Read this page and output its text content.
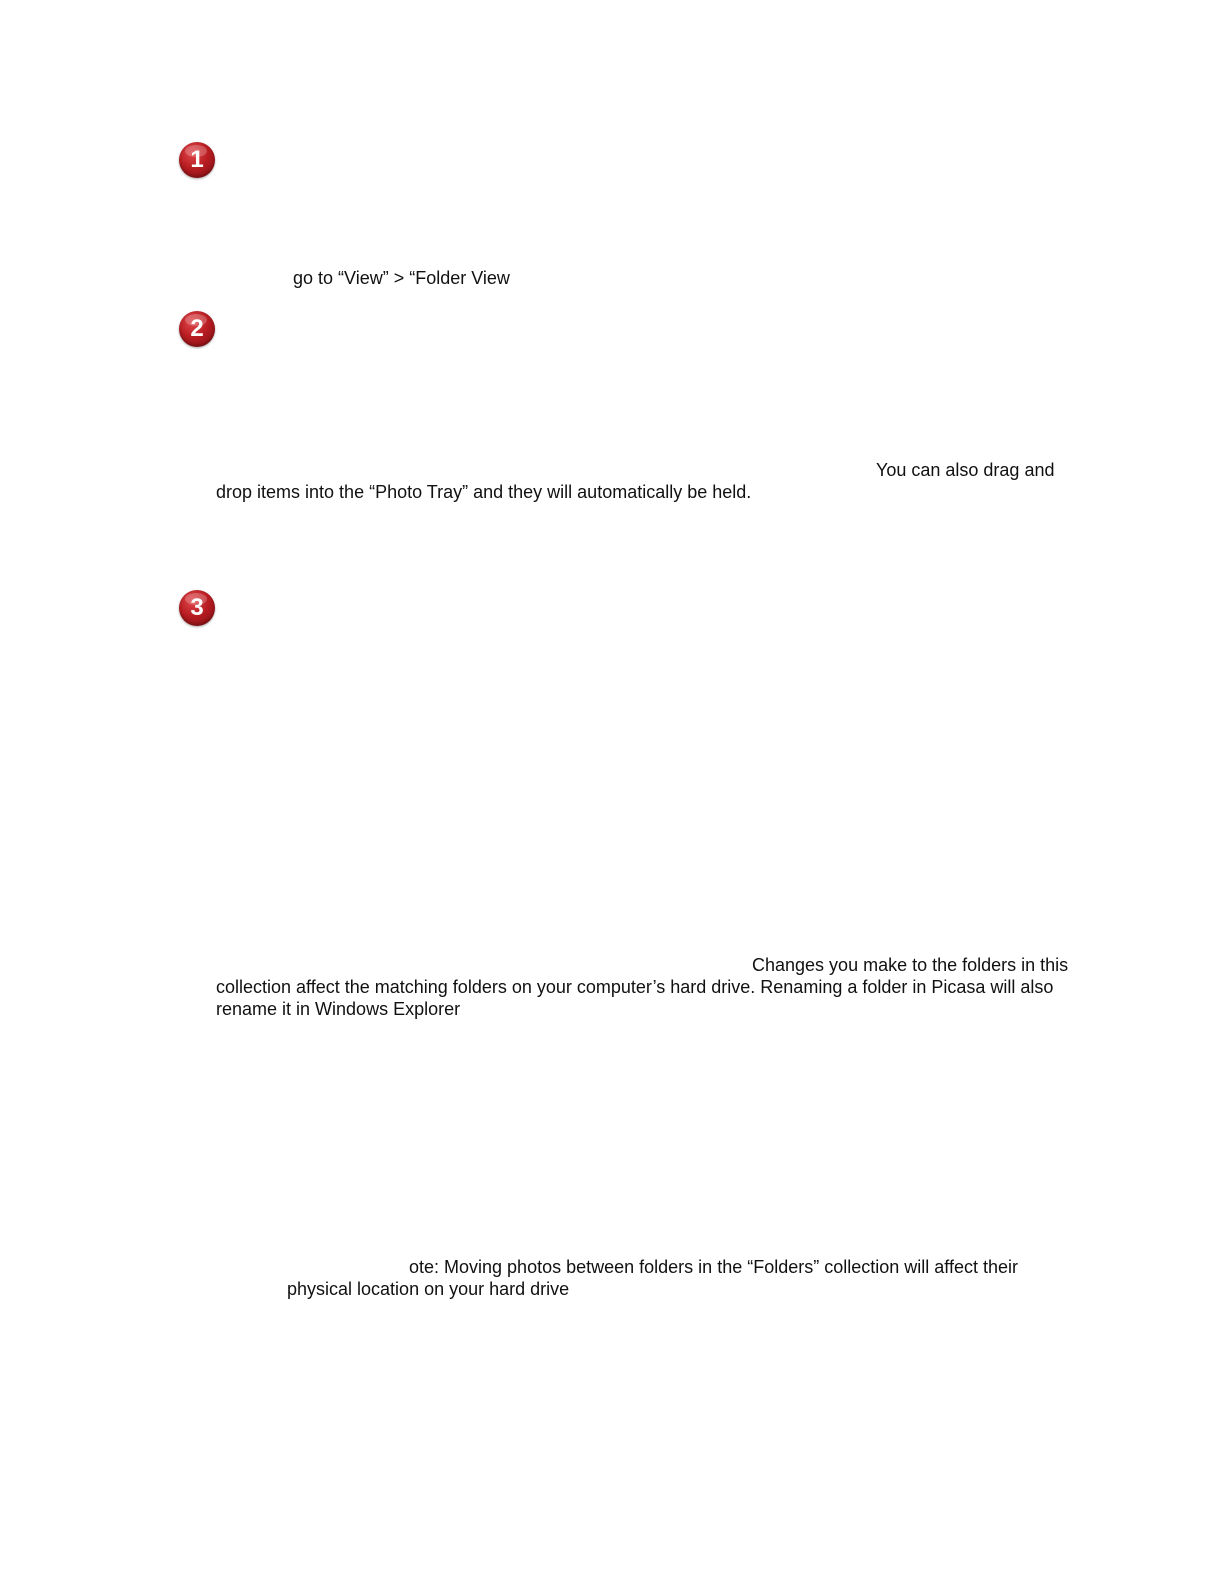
1

go to “View” > “Folder View

2

You can also drag and

drop items into the “Photo Tray” and they will automatically be held.

3

Changes you make to the folders in this

collection affect the matching folders on your computer’s hard drive. Renaming a folder in Picasa will also

rename it in Windows Explorer

ote: Moving photos between folders in the “Folders” collection will affect their

physical location on your hard drive
